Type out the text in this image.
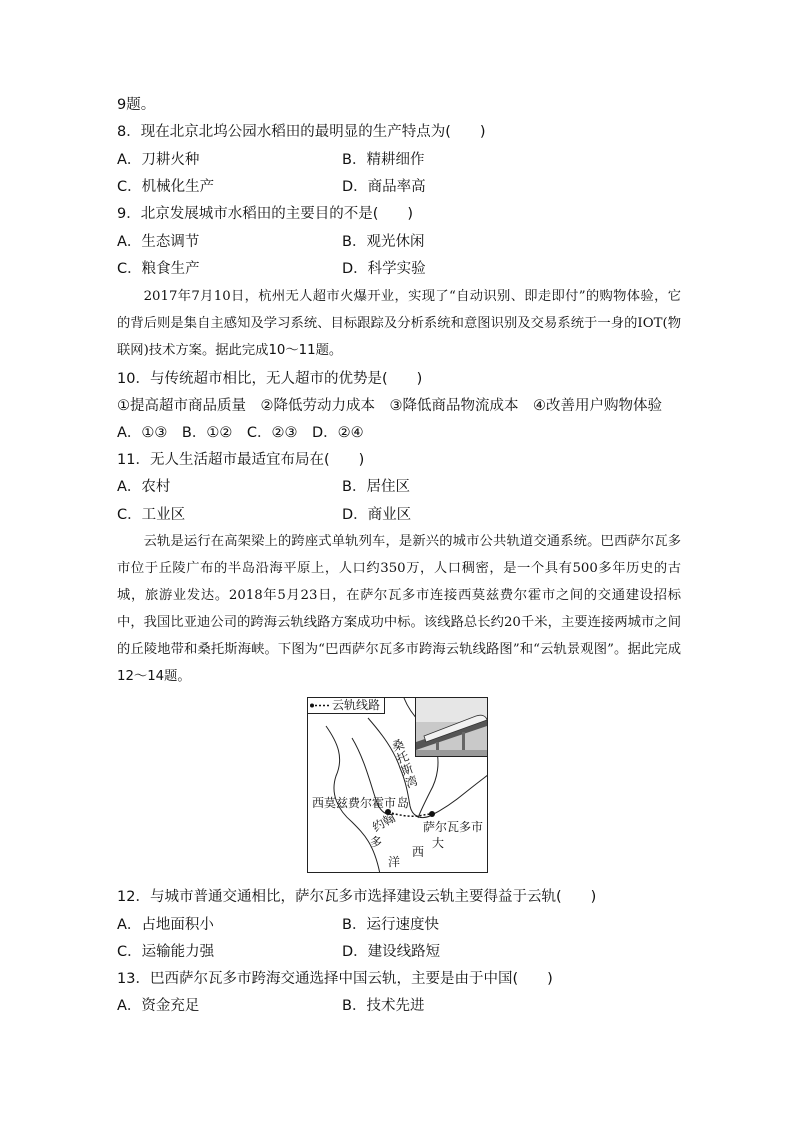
9题。
8．现在北京北坞公园水稻田的最明显的生产特点为(　　)
A．刀耕火种	B．精耕细作
C．机械化生产	D．商品率高
9．北京发展城市水稻田的主要目的不是(　　)
A．生态调节	B．观光休闲
C．粮食生产	D．科学实验
2017年7月10日，杭州无人超市火爆开业，实现了“自动识别、即走即付”的购物体验，它的背后则是集自主感知及学习系统、目标跟踪及分析系统和意图识别及交易系统于一身的IOT(物联网)技术方案。据此完成10～11题。
10．与传统超市相比，无人超市的优势是(　　)
①提高超市商品质量　②降低劳动力成本　③降低商品物流成本　④改善用户购物体验
A．①③　B．①②　C．②③　D．②④
11．无人生活超市最适宜布局在(　　)
A．农村	B．居住区
C．工业区	D．商业区
云轨是运行在高架梁上的跨座式单轨列车，是新兴的城市公共轨道交通系统。巴西萨尔瓦多市位于丘陵广布的半岛沿海平原上，人口约350万，人口稠密，是一个具有500多年历史的古城，旅游业发达。2018年5月23日，在萨尔瓦多市连接西莫兹费尔霍市之间的交通建设招标中，我国比亚迪公司的跨海云轨线路方案成功中标。该线路总长约20千米，主要连接两城市之间的丘陵地带和桑托斯海峡。下图为“巴西萨尔瓦多市跨海云轨线路图”和“云轨景观图”。据此完成12～14题。
云轨线路
桑托斯湾
西莫兹费尔霍市 岛
约翰
多
萨尔瓦多市
大
西
洋
12．与城市普通交通相比，萨尔瓦多市选择建设云轨主要得益于云轨(　　)
A．占地面积小	B．运行速度快
C．运输能力强	D．建设线路短
13．巴西萨尔瓦多市跨海交通选择中国云轨，主要是由于中国(　　)
A．资金充足	B．技术先进
